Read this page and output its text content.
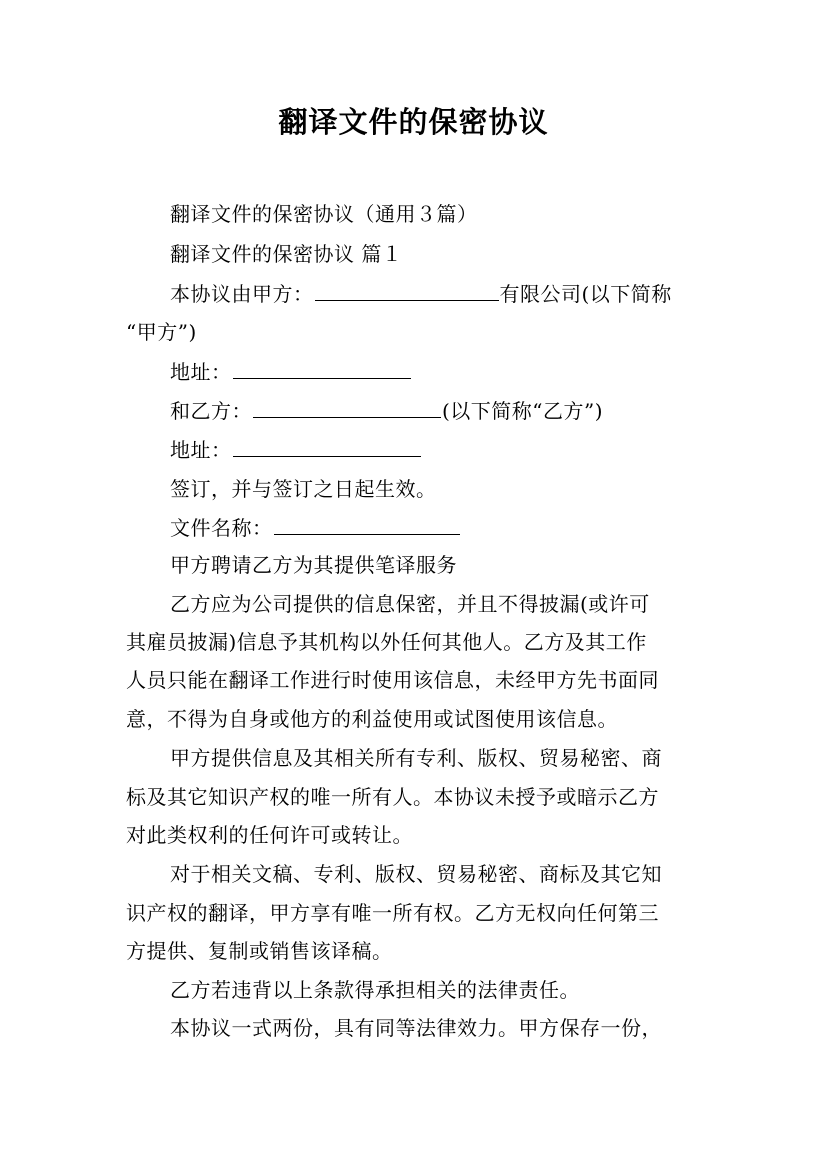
翻译文件的保密协议
翻译文件的保密协议（通用３篇）
翻译文件的保密协议 篇１
本协议由甲方：	有限公司(以下简称
“甲方”)
地址：
和乙方：	(以下简称“乙方”)
地址：
签订，并与签订之日起生效。
文件名称：
甲方聘请乙方为其提供笔译服务
乙方应为公司提供的信息保密，并且不得披漏(或许可
其雇员披漏)信息予其机构以外任何其他人。乙方及其工作
人员只能在翻译工作进行时使用该信息，未经甲方先书面同
意，不得为自身或他方的利益使用或试图使用该信息。
甲方提供信息及其相关所有专利、版权、贸易秘密、商
标及其它知识产权的唯一所有人。本协议未授予或暗示乙方
对此类权利的任何许可或转让。
对于相关文稿、专利、版权、贸易秘密、商标及其它知
识产权的翻译，甲方享有唯一所有权。乙方无权向任何第三
方提供、复制或销售该译稿。
乙方若违背以上条款得承担相关的法律责任。
本协议一式两份，具有同等法律效力。甲方保存一份，
